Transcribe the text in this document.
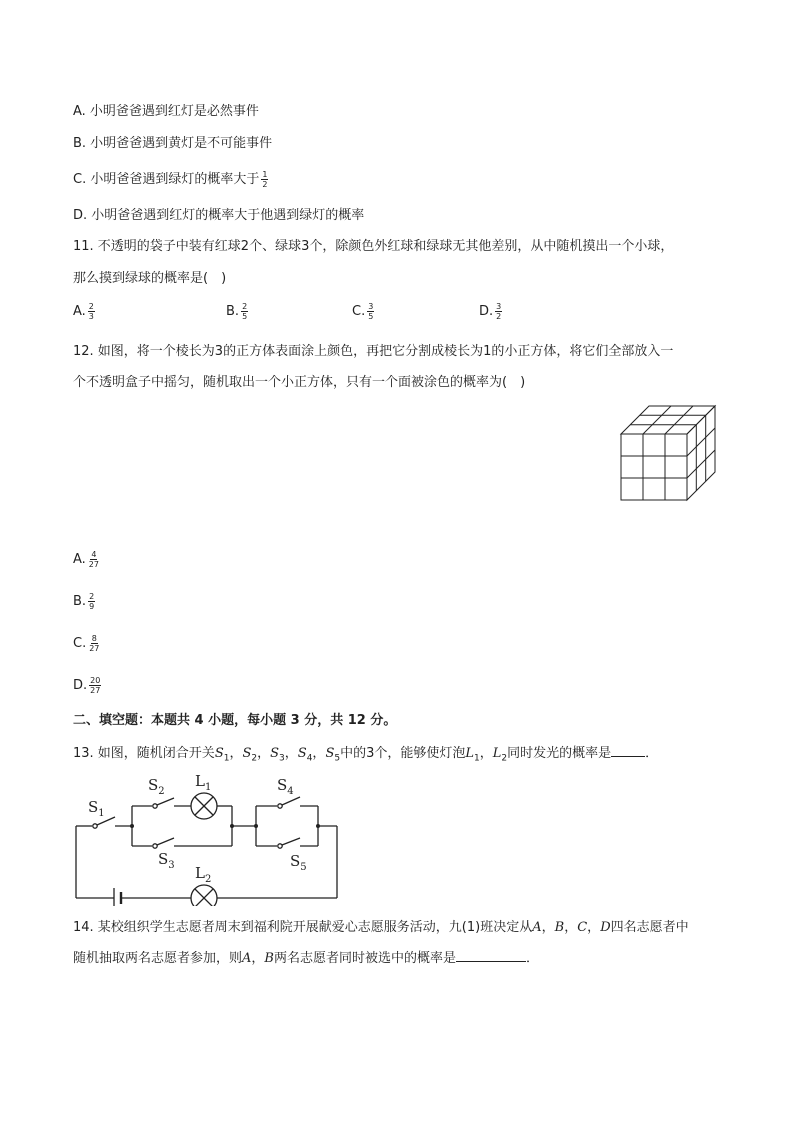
A. 小明爸爸遇到红灯是必然事件
B. 小明爸爸遇到黄灯是不可能事件
C. 小明爸爸遇到绿灯的概率大于 $\frac{1}{2}$
D. 小明爸爸遇到红灯的概率大于他遇到绿灯的概率
11. 不透明的袋子中装有红球2个、绿球3个，除颜色外红球和绿球无其他差别，从中随机摸出一个小球，
那么摸到绿球的概率是(　)
A. $\frac{2}{3}$	B. $\frac{2}{5}$	C. $\frac{3}{5}$	D. $\frac{3}{2}$
12. 如图，将一个棱长为3的正方体表面涂上颜色，再把它分割成棱长为1的小正方体，将它们全部放入一
个不透明盒子中摇匀，随机取出一个小正方体，只有一个面被涂色的概率为(　)
A. $\frac{4}{27}$
B. $\frac{2}{9}$
C. $\frac{8}{27}$
D. $\frac{20}{27}$
二、填空题：本题共 4 小题，每小题 3 分，共 12 分。
13. 如图，随机闭合开关$S_1$，$S_2$，$S_3$，$S_4$，$S_5$中的3个，能够使灯泡$L_1$，$L_2$同时发光的概率是	．
$S_1$
$S_2$
$L_1$
$S_3$
$S_4$
$S_5$
$L_2$
14. 某校组织学生志愿者周末到福利院开展献爱心志愿服务活动，九(1)班决定从A，B，C，D四名志愿者中
随机抽取两名志愿者参加，则A，B两名志愿者同时被选中的概率是	．
